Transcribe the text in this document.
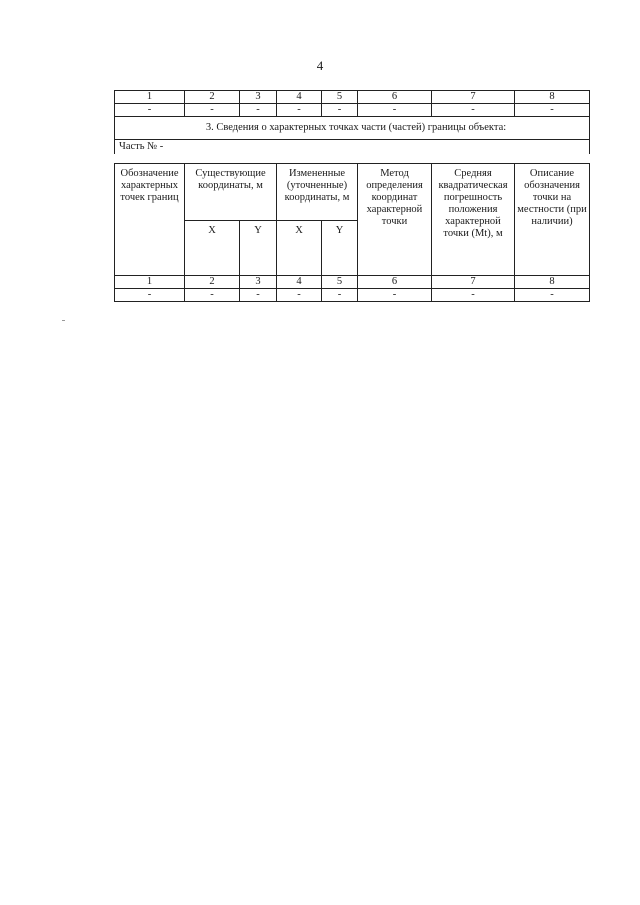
4
1	2	3	4	5	6	7	8
-	-	-	-	-	-	-	-
3. Сведения о характерных точках части (частей) границы объекта:							
Часть № -							
Обозначение характерных точек границ	Существующие координаты, м		Измененные (уточненные) координаты, м		Метод определения координат характерной точки	Средняя квадратическая погрешность положения характерной точки (Mt), м	Описание обозначения точки на местности (при наличии)
	X	Y	X	Y			
1	2	3	4	5	6	7	8
-	-	-	-	-	-	-	-
